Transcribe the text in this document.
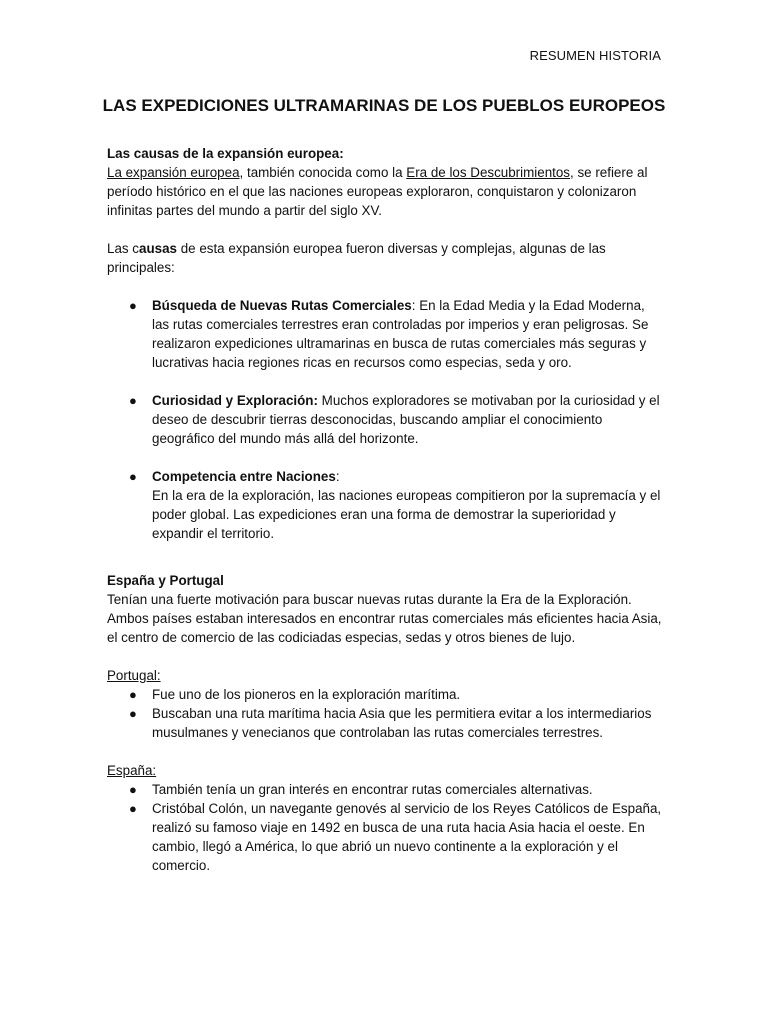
RESUMEN HISTORIA
LAS EXPEDICIONES ULTRAMARINAS DE LOS PUEBLOS EUROPEOS

Las causas de la expansión europea:

La expansión europea, también conocida como la Era de los Descubrimientos, se refiere al período histórico en el que las naciones europeas exploraron, conquistaron y colonizaron infinitas partes del mundo a partir del siglo XV.

Las causas de esta expansión europea fueron diversas y complejas, algunas de las principales:

● Búsqueda de Nuevas Rutas Comerciales: En la Edad Media y la Edad Moderna, las rutas comerciales terrestres eran controladas por imperios y eran peligrosas. Se realizaron expediciones ultramarinas en busca de rutas comerciales más seguras y lucrativas hacia regiones ricas en recursos como especias, seda y oro.
● Curiosidad y Exploración: Muchos exploradores se motivaban por la curiosidad y el deseo de descubrir tierras desconocidas, buscando ampliar el conocimiento geográfico del mundo más allá del horizonte.
● Competencia entre Naciones:
En la era de la exploración, las naciones europeas compitieron por la supremacía y el poder global. Las expediciones eran una forma de demostrar la superioridad y expandir el territorio.

España y Portugal

Tenían una fuerte motivación para buscar nuevas rutas durante la Era de la Exploración. Ambos países estaban interesados en encontrar rutas comerciales más eficientes hacia Asia, el centro de comercio de las codiciadas especias, sedas y otros bienes de lujo.

Portugal:

● Fue uno de los pioneros en la exploración marítima.
● Buscaban una ruta marítima hacia Asia que les permitiera evitar a los intermediarios musulmanes y venecianos que controlaban las rutas comerciales terrestres.

España:

● También tenía un gran interés en encontrar rutas comerciales alternativas.
● Cristóbal Colón, un navegante genovés al servicio de los Reyes Católicos de España, realizó su famoso viaje en 1492 en busca de una ruta hacia Asia hacia el oeste. En cambio, llegó a América, lo que abrió un nuevo continente a la exploración y el comercio.
